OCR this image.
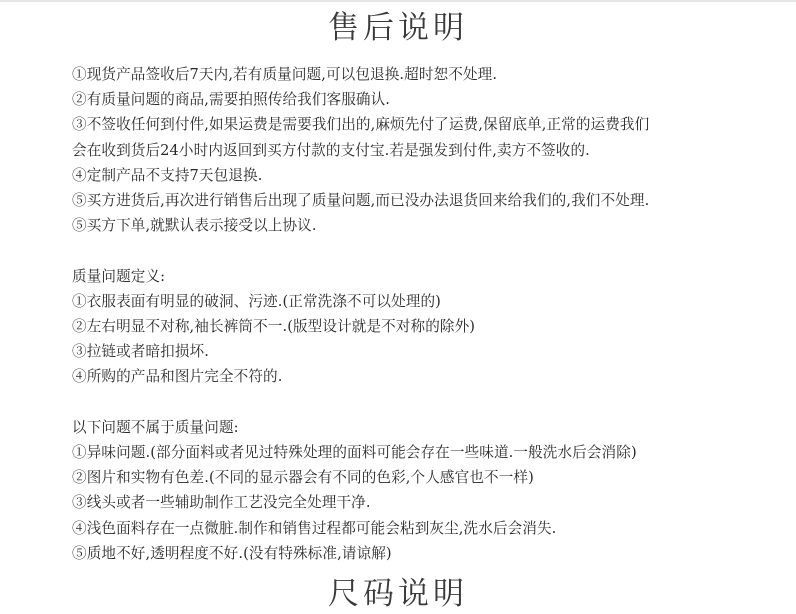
售后说明
①现货产品签收后7天内,若有质量问题,可以包退换.超时恕不处理.
②有质量问题的商品,需要拍照传给我们客服确认.
③不签收任何到付件,如果运费是需要我们出的,麻烦先付了运费,保留底单,正常的运费我们
会在收到货后24小时内返回到买方付款的支付宝.若是强发到付件,卖方不签收的.
④定制产品不支持7天包退换.
⑤买方进货后,再次进行销售后出现了质量问题,而已没办法退货回来给我们的,我们不处理.
⑤买方下单,就默认表示接受以上协议.
质量问题定义:
①衣服表面有明显的破洞、污迹.(正常洗涤不可以处理的)
②左右明显不对称,袖长裤筒不一.(版型设计就是不对称的除外)
③拉链或者暗扣损坏.
④所购的产品和图片完全不符的.
以下问题不属于质量问题:
①异味问题.(部分面料或者见过特殊处理的面料可能会存在一些味道.一般洗水后会消除)
②图片和实物有色差.(不同的显示器会有不同的色彩,个人感官也不一样)
③线头或者一些辅助制作工艺没完全处理干净.
④浅色面料存在一点微脏.制作和销售过程都可能会粘到灰尘,洗水后会消失.
⑤质地不好,透明程度不好.(没有特殊标准,请谅解)
尺码说明
